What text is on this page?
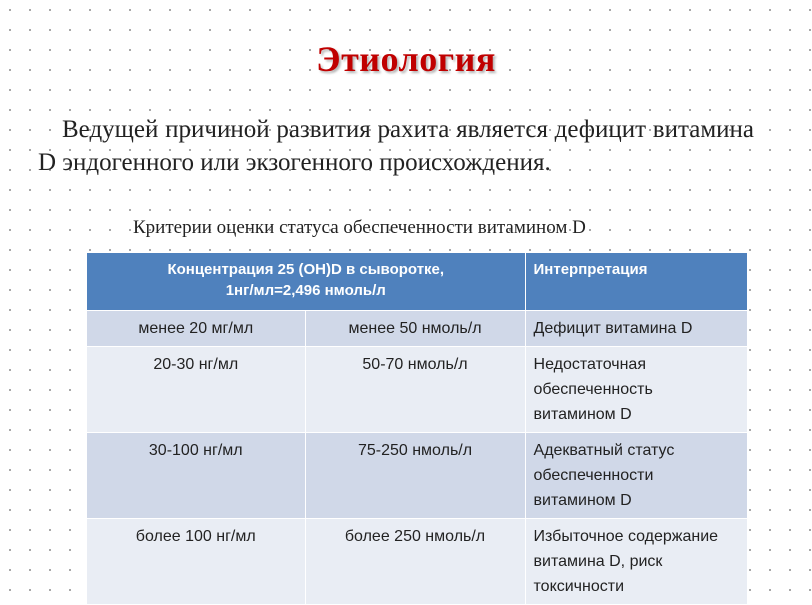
Этиология
Ведущей причиной развития рахита является дефицит витамина D эндогенного или экзогенного происхождения.
Критерии оценки статуса обеспеченности витамином D
Концентрация 25 (OH)D в сыворотке,
1нг/мл=2,496 нмоль/л		Интерпретация
менее 20 мг/мл	менее 50 нмоль/л	Дефицит витамина D
20-30 нг/мл	50-70 нмоль/л	Недостаточная обеспеченность витамином D
30-100 нг/мл	75-250 нмоль/л	Адекватный статус обеспеченности витамином D
более 100 нг/мл	более 250 нмоль/л	Избыточное содержание витамина D, риск токсичности
